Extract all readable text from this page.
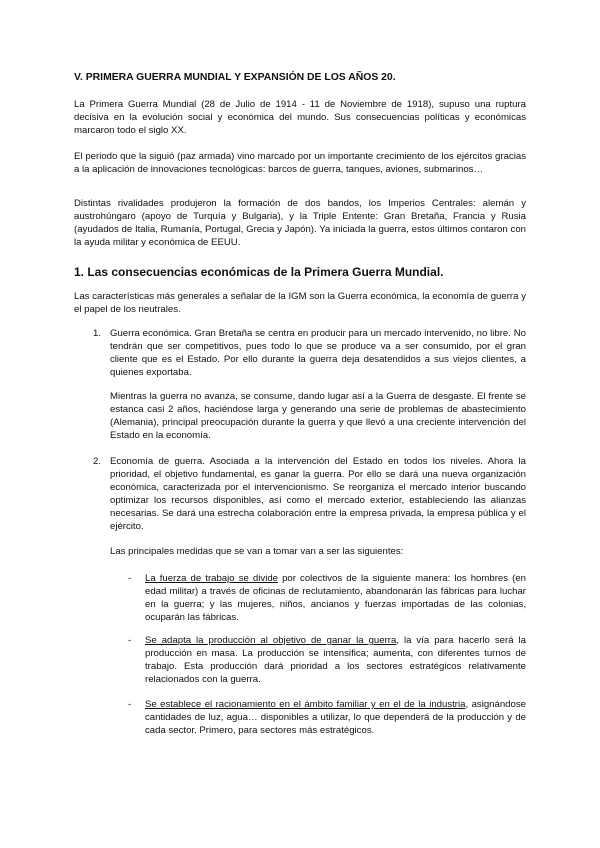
V. PRIMERA GUERRA MUNDIAL Y EXPANSIÓN DE LOS AÑOS 20.

La Primera Guerra Mundial (28 de Julio de 1914 - 11 de Noviembre de 1918), supuso una ruptura decisiva en la evolución social y económica del mundo. Sus consecuencias políticas y económicas marcaron todo el siglo XX.

El periodo que la siguió (paz armada) vino marcado por un importante crecimiento de los ejércitos gracias a la aplicación de innovaciones tecnológicas: barcos de guerra, tanques, aviones, submarinos…

Distintas rivalidades produjeron la formación de dos bandos, los Imperios Centrales: alemán y austrohúngaro (apoyo de Turquía y Bulgaria), y la Triple Entente: Gran Bretaña, Francia y Rusia (ayudados de Italia, Rumanía, Portugal, Grecia y Japón). Ya iniciada la guerra, estos últimos contaron con la ayuda militar y económica de EEUU.

1. Las consecuencias económicas de la Primera Guerra Mundial.

Las características más generales a señalar de la IGM son la Guerra económica, la economía de guerra y el papel de los neutrales.

1. Guerra económica. Gran Bretaña se centra en producir para un mercado intervenido, no libre. No tendrán que ser competitivos, pues todo lo que se produce va a ser consumido, por el gran cliente que es el Estado. Por ello durante la guerra deja desatendidos a sus viejos clientes, a quienes exportaba.

Mientras la guerra no avanza, se consume, dando lugar así a la Guerra de desgaste. El frente se estanca casi 2 años, haciéndose larga y generando una serie de problemas de abastecimiento (Alemania), principal preocupación durante la guerra y que llevó a una creciente intervención del Estado en la economía.

2. Economía de guerra. Asociada a la intervención del Estado en todos los niveles. Ahora la prioridad, el objetivo fundamental, es ganar la guerra. Por ello se dará una nueva organización económica, caracterizada por el intervencionismo. Se reorganiza el mercado interior buscando optimizar los recursos disponibles, así como el mercado exterior, estableciendo las alianzas necesarias. Se dará una estrecha colaboración entre la empresa privada, la empresa pública y el ejército.

Las principales medidas que se van a tomar van a ser las siguientes:

- La fuerza de trabajo se divide por colectivos de la siguiente manera: los hombres (en edad militar) a través de oficinas de reclutamiento, abandonarán las fábricas para luchar en la guerra; y las mujeres, niños, ancianos y fuerzas importadas de las colonias, ocuparán las fábricas.

- Se adapta la producción al objetivo de ganar la guerra, la vía para hacerlo será la producción en masa. La producción se intensifica; aumenta, con diferentes turnos de trabajo. Esta producción dará prioridad a los sectores estratégicos relativamente relacionados con la guerra.

- Se establece el racionamiento en el ámbito familiar y en el de la industria, asignándose cantidades de luz, agua… disponibles a utilizar, lo que dependerá de la producción y de cada sector. Primero, para sectores más estratégicos.
